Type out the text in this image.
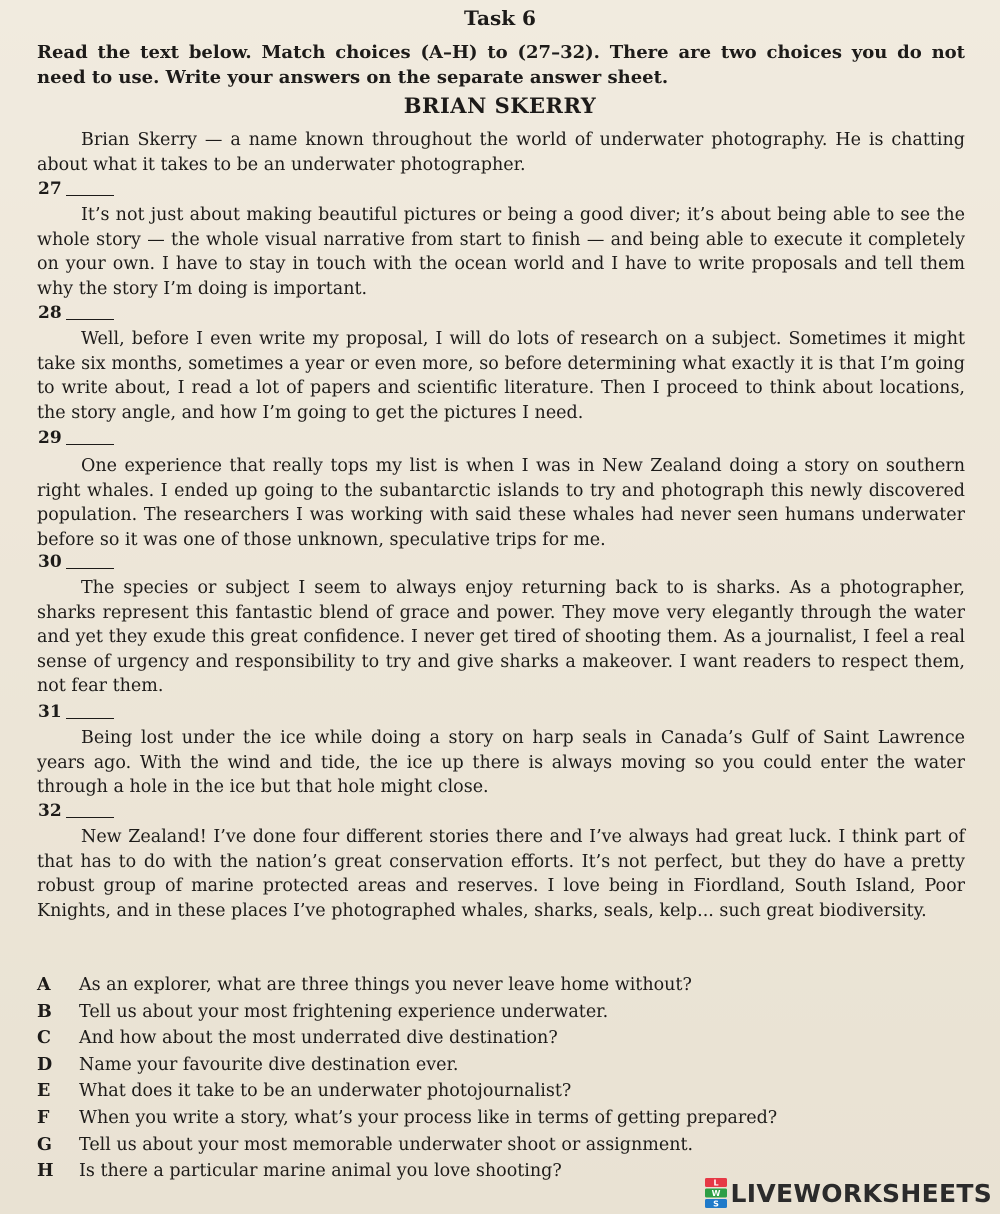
Task 6
Read the text below. Match choices (A–H) to (27–32). There are two choices you do not need to use. Write your answers on the separate answer sheet.
BRIAN SKERRY

Brian Skerry — a name known throughout the world of underwater photography. He is chatting about what it takes to be an underwater photographer.

27

It’s not just about making beautiful pictures or being a good diver; it’s about being able to see the whole story — the whole visual narrative from start to finish — and being able to execute it completely on your own. I have to stay in touch with the ocean world and I have to write proposals and tell them why the story I’m doing is important.

28

Well, before I even write my proposal, I will do lots of research on a subject. Sometimes it might take six months, sometimes a year or even more, so before determining what exactly it is that I’m going to write about, I read a lot of papers and scientific literature. Then I proceed to think about locations, the story angle, and how I’m going to get the pictures I need.

29

One experience that really tops my list is when I was in New Zealand doing a story on southern right whales. I ended up going to the subantarctic islands to try and photograph this newly discovered population. The researchers I was working with said these whales had never seen humans underwater before so it was one of those unknown, speculative trips for me.

30

The species or subject I seem to always enjoy returning back to is sharks. As a photographer, sharks represent this fantastic blend of grace and power. They move very elegantly through the water and yet they exude this great confidence. I never get tired of shooting them. As a journalist, I feel a real sense of urgency and responsibility to try and give sharks a makeover. I want readers to respect them, not fear them.

31

Being lost under the ice while doing a story on harp seals in Canada’s Gulf of Saint Lawrence years ago. With the wind and tide, the ice up there is always moving so you could enter the water through a hole in the ice but that hole might close.

32

New Zealand! I’ve done four different stories there and I’ve always had great luck. I think part of that has to do with the nation’s great conservation efforts. It’s not perfect, but they do have a pretty robust group of marine protected areas and reserves. I love being in Fiordland, South Island, Poor Knights, and in these places I’ve photographed whales, sharks, seals, kelp... such great biodiversity.

A	As an explorer, what are three things you never leave home without?
B	Tell us about your most frightening experience underwater.
C	And how about the most underrated dive destination?
D	Name your favourite dive destination ever.
E	What does it take to be an underwater photojournalist?
F	When you write a story, what’s your process like in terms of getting prepared?
G	Tell us about your most memorable underwater shoot or assignment.
H	Is there a particular marine animal you love shooting?
L
W
S LIVEWORKSHEETS
